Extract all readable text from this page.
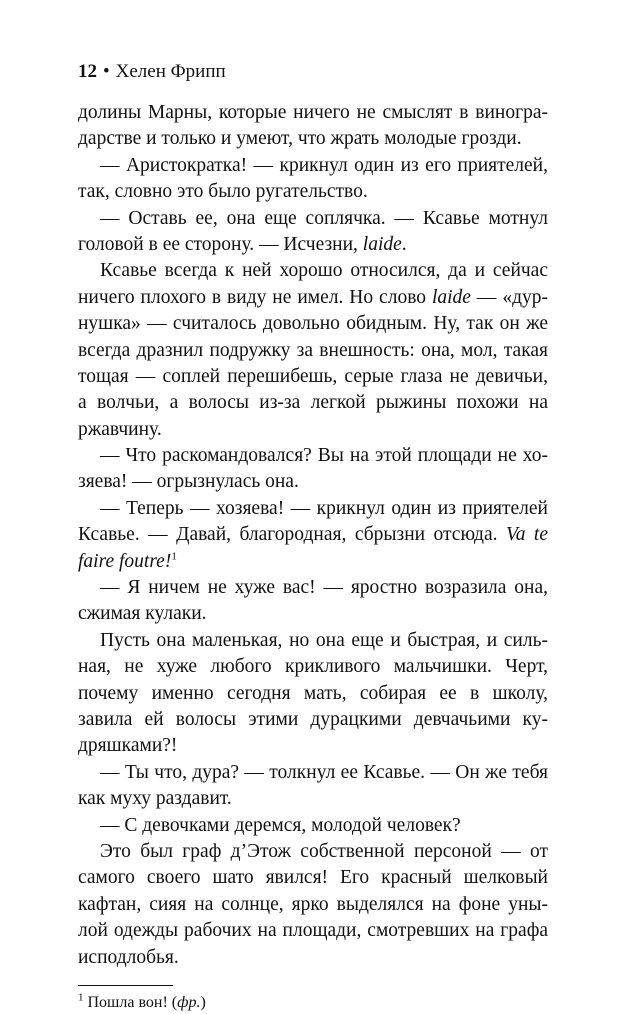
12 • Хелен Фрипп
долины Марны, которые ничего не смыслят в виногра-
дарстве и только и умеют, что жрать молодые грозди.
— Аристократка! — крикнул один из его приятелей,
так, словно это было ругательство.
— Оставь ее, она еще соплячка. — Ксавье мотнул
головой в ее сторону. — Исчезни, laide.
Ксавье всегда к ней хорошо относился, да и сейчас
ничего плохого в виду не имел. Но слово laide — «дур-
нушка» — считалось довольно обидным. Ну, так он же
всегда дразнил подружку за внешность: она, мол, такая
тощая — соплей перешибешь, серые глаза не девичьи,
а волчьи, а волосы из-за легкой рыжины похожи на
ржавчину.
— Что раскомандовался? Вы на этой площади не хо-
зяева! — огрызнулась она.
— Теперь — хозяева! — крикнул один из приятелей
Ксавье. — Давай, благородная, сбрызни отсюда. Va te
faire foutre!$^1$
— Я ничем не хуже вас! — яростно возразила она,
сжимая кулаки.
Пусть она маленькая, но она еще и быстрая, и силь-
ная, не хуже любого крикливого мальчишки. Черт,
почему именно сегодня мать, собирая ее в школу,
завила ей волосы этими дурацкими девчачьими ку-
дряшками?!
— Ты что, дура? — толкнул ее Ксавье. — Он же тебя
как муху раздавит.
— С девочками деремся, молодой человек?
Это был граф д’Этож собственной персоной — от
самого своего шато явился! Его красный шелковый
кафтан, сияя на солнце, ярко выделялся на фоне уны-
лой одежды рабочих на площади, смотревших на графа
исподлобья.
$^1$ Пошла вон! (фр.)
